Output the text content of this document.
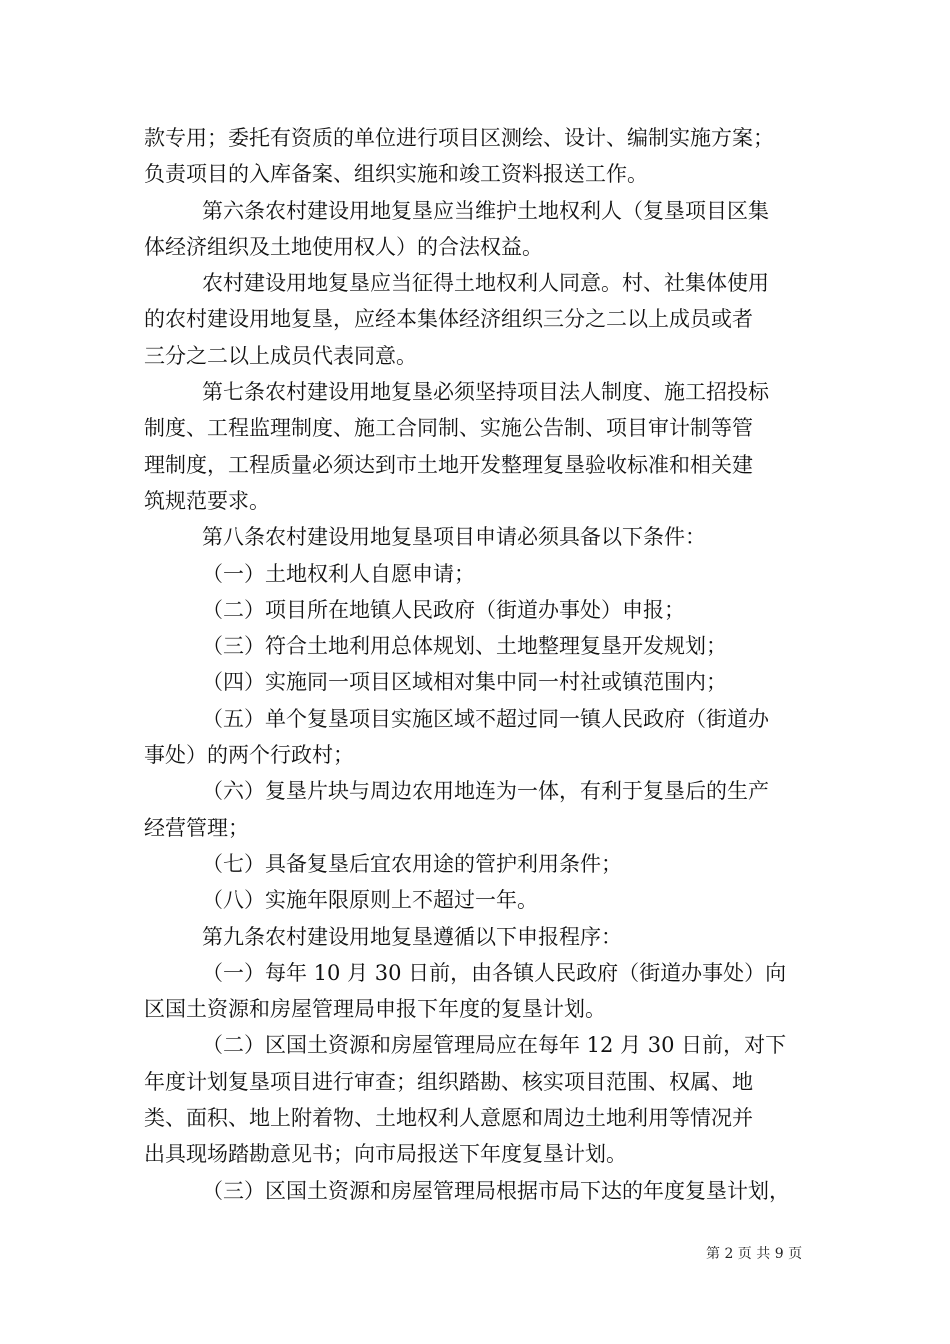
款专用；委托有资质的单位进行项目区测绘、设计、编制实施方案；
负责项目的入库备案、组织实施和竣工资料报送工作。
第六条农村建设用地复垦应当维护土地权利人（复垦项目区集
体经济组织及土地使用权人）的合法权益。
农村建设用地复垦应当征得土地权利人同意。村、社集体使用
的农村建设用地复垦，应经本集体经济组织三分之二以上成员或者
三分之二以上成员代表同意。
第七条农村建设用地复垦必须坚持项目法人制度、施工招投标
制度、工程监理制度、施工合同制、实施公告制、项目审计制等管
理制度，工程质量必须达到市土地开发整理复垦验收标准和相关建
筑规范要求。
第八条农村建设用地复垦项目申请必须具备以下条件：
（一）土地权利人自愿申请；
（二）项目所在地镇人民政府（街道办事处）申报；
（三）符合土地利用总体规划、土地整理复垦开发规划；
（四）实施同一项目区域相对集中同一村社或镇范围内；
（五）单个复垦项目实施区域不超过同一镇人民政府（街道办
事处）的两个行政村；
（六）复垦片块与周边农用地连为一体，有利于复垦后的生产
经营管理；
（七）具备复垦后宜农用途的管护利用条件；
（八）实施年限原则上不超过一年。
第九条农村建设用地复垦遵循以下申报程序：
（一）每年 10 月 30 日前，由各镇人民政府（街道办事处）向
区国土资源和房屋管理局申报下年度的复垦计划。
（二）区国土资源和房屋管理局应在每年 12 月 30 日前，对下
年度计划复垦项目进行审查；组织踏勘、核实项目范围、权属、地
类、面积、地上附着物、土地权利人意愿和周边土地利用等情况并
出具现场踏勘意见书；向市局报送下年度复垦计划。
（三）区国土资源和房屋管理局根据市局下达的年度复垦计划，
第 2 页 共 9 页
